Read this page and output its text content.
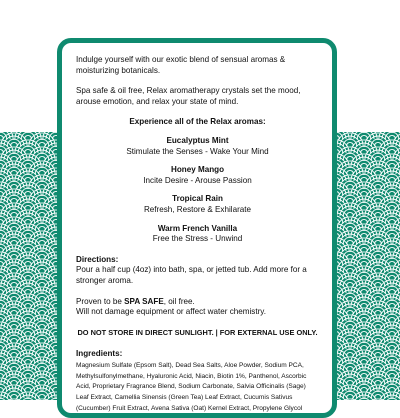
Indulge yourself with our exotic blend of sensual aromas & moisturizing botanicals.

Spa safe & oil free, Relax aromatherapy crystals set the mood, arouse emotion, and relax your state of mind.

Experience all of the Relax aromas:

Eucalyptus Mint
Stimulate the Senses - Wake Your Mind
Honey Mango
Incite Desire - Arouse Passion
Tropical Rain
Refresh, Restore & Exhilarate
Warm French Vanilla
Free the Stress - Unwind

Directions:
Pour a half cup (4oz) into bath, spa, or jetted tub. Add more for a stronger aroma.

Proven to be SPA SAFE, oil free.
Will not damage equipment or affect water chemistry.

DO NOT STORE IN DIRECT SUNLIGHT. | FOR EXTERNAL USE ONLY.

Ingredients:

Magnesium Sulfate (Epsom Salt), Dead Sea Salts, Aloe Powder, Sodium PCA, Methylsulfonylmethane, Hyaluronic Acid, Niacin, Biotin 1%, Panthenol, Ascorbic Acid, Proprietary Fragrance Blend, Sodium Carbonate, Salvia Officinalis (Sage) Leaf Extract, Camellia Sinensis (Green Tea) Leaf Extract, Cucumis Sativus (Cucumber) Fruit Extract, Avena Sativa (Oat) Kernel Extract, Propylene Glycol
